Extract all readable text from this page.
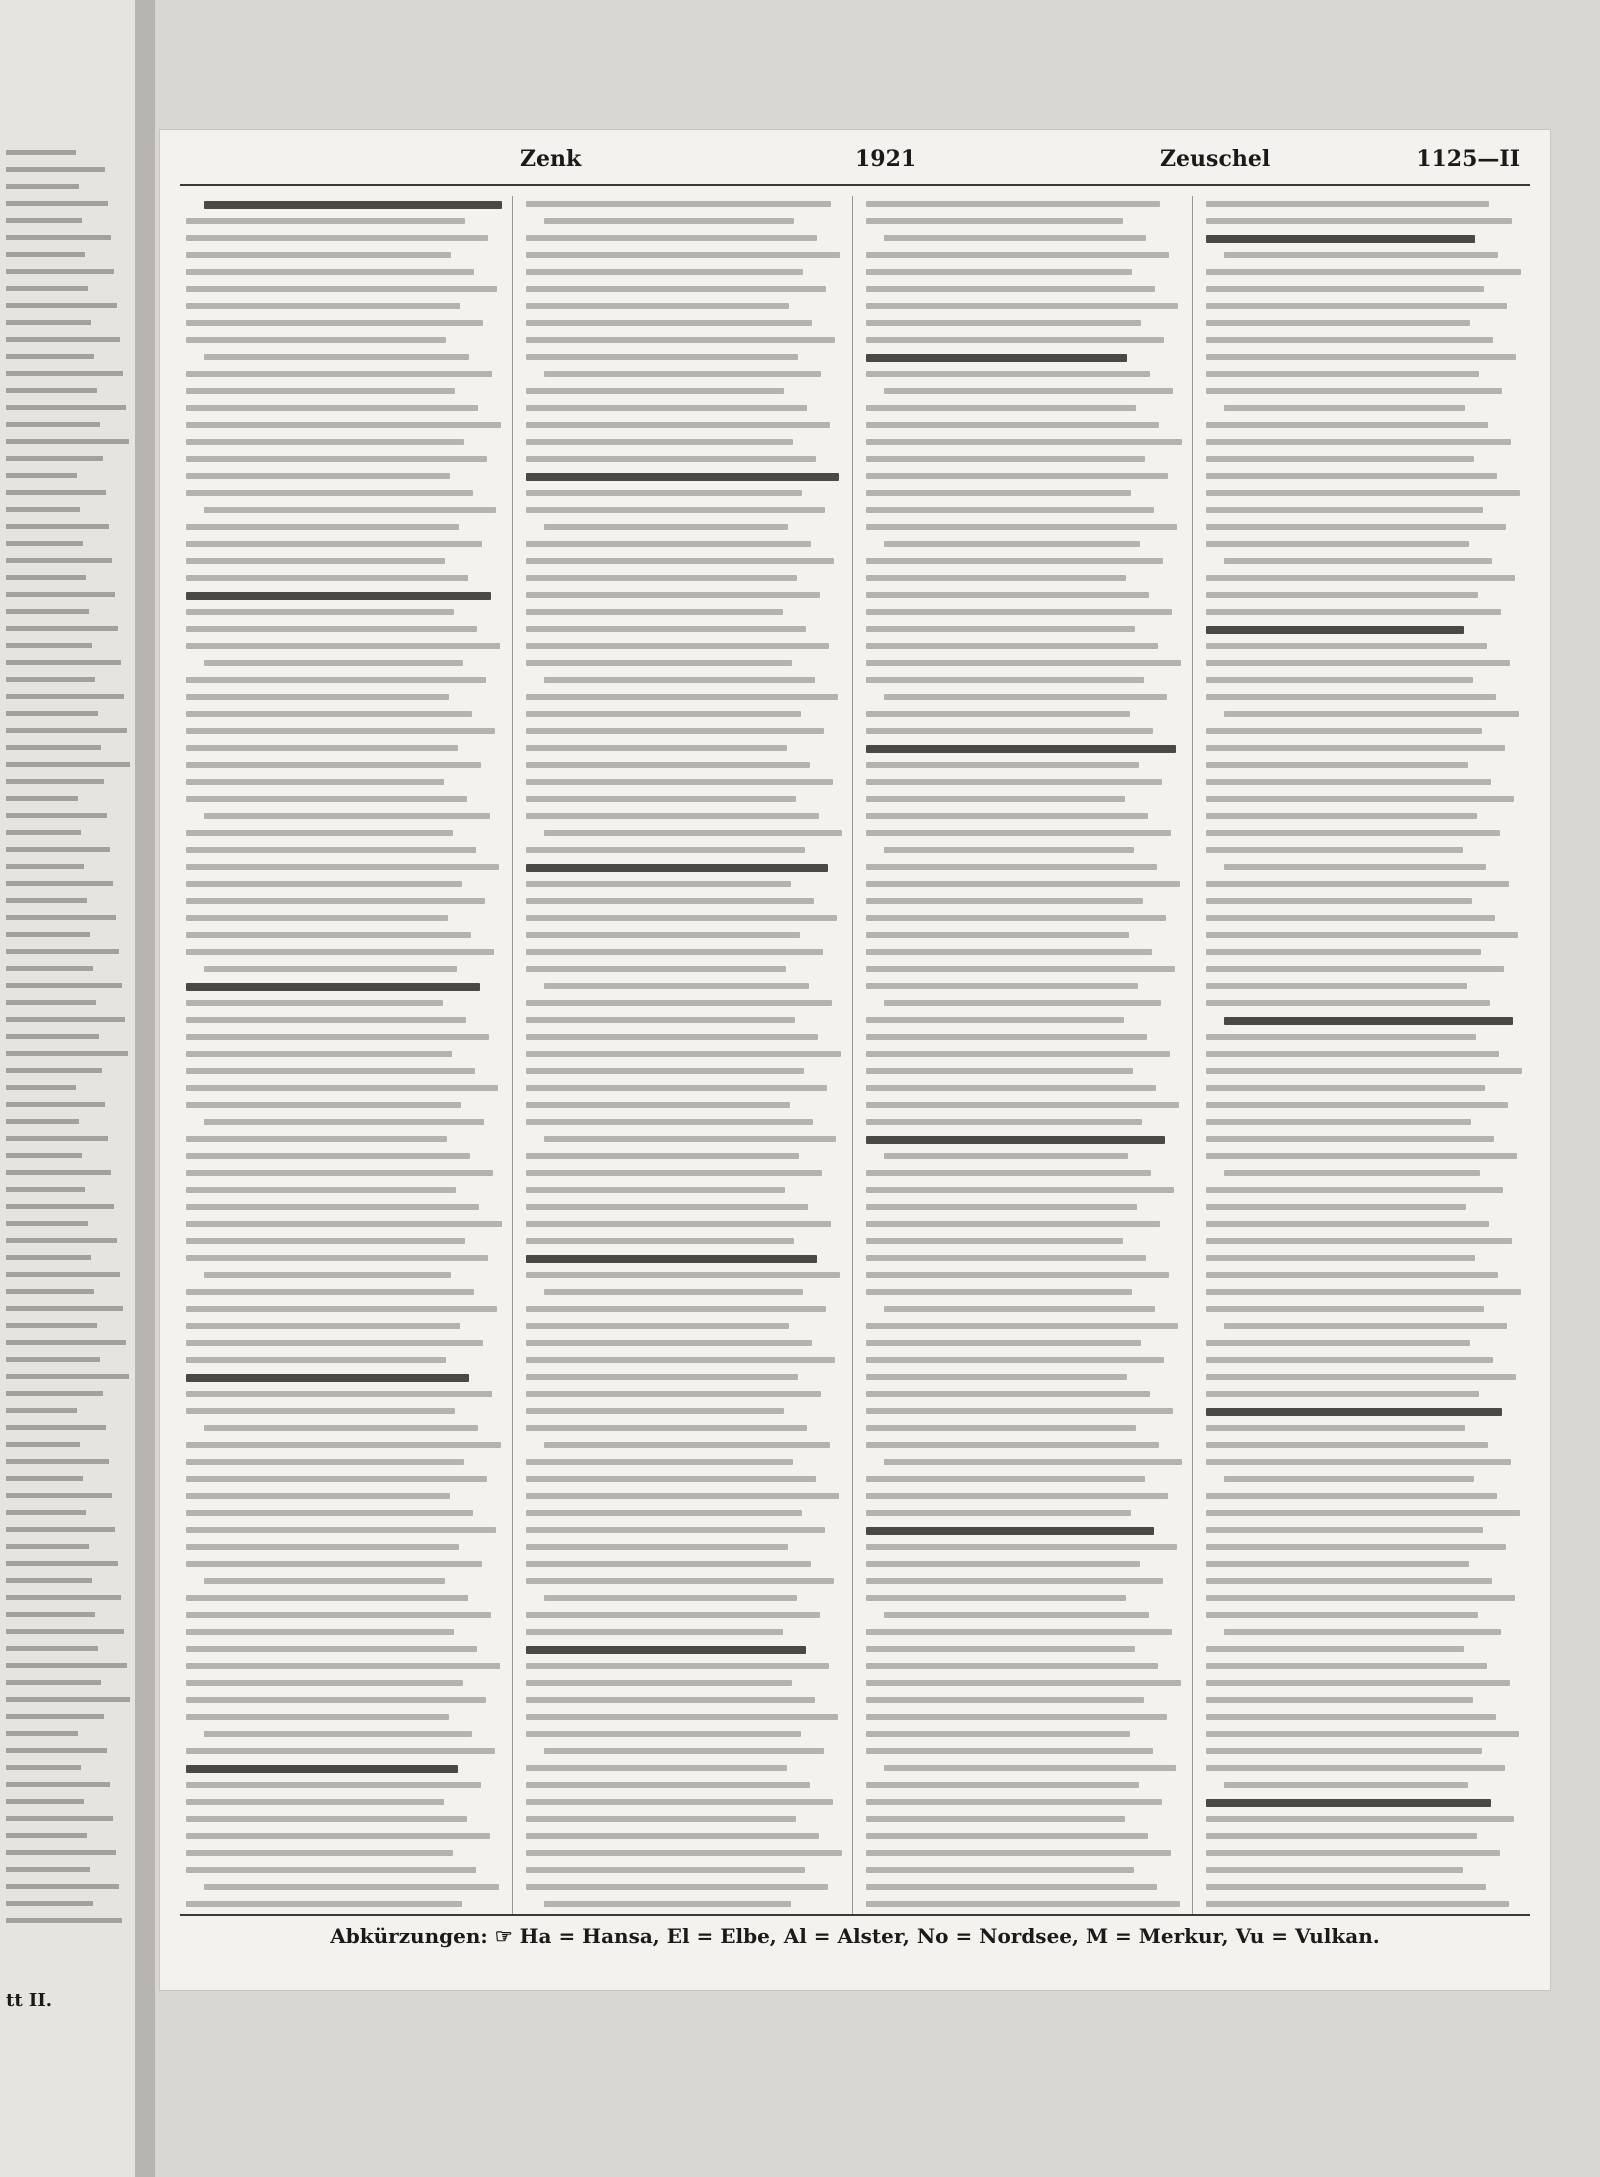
tt II.
Zenk	1921	Zeuschel	1125—II
Abkürzungen: ☞ Ha = Hansa, El = Elbe, Al = Alster, No = Nordsee, M = Merkur, Vu = Vulkan.
